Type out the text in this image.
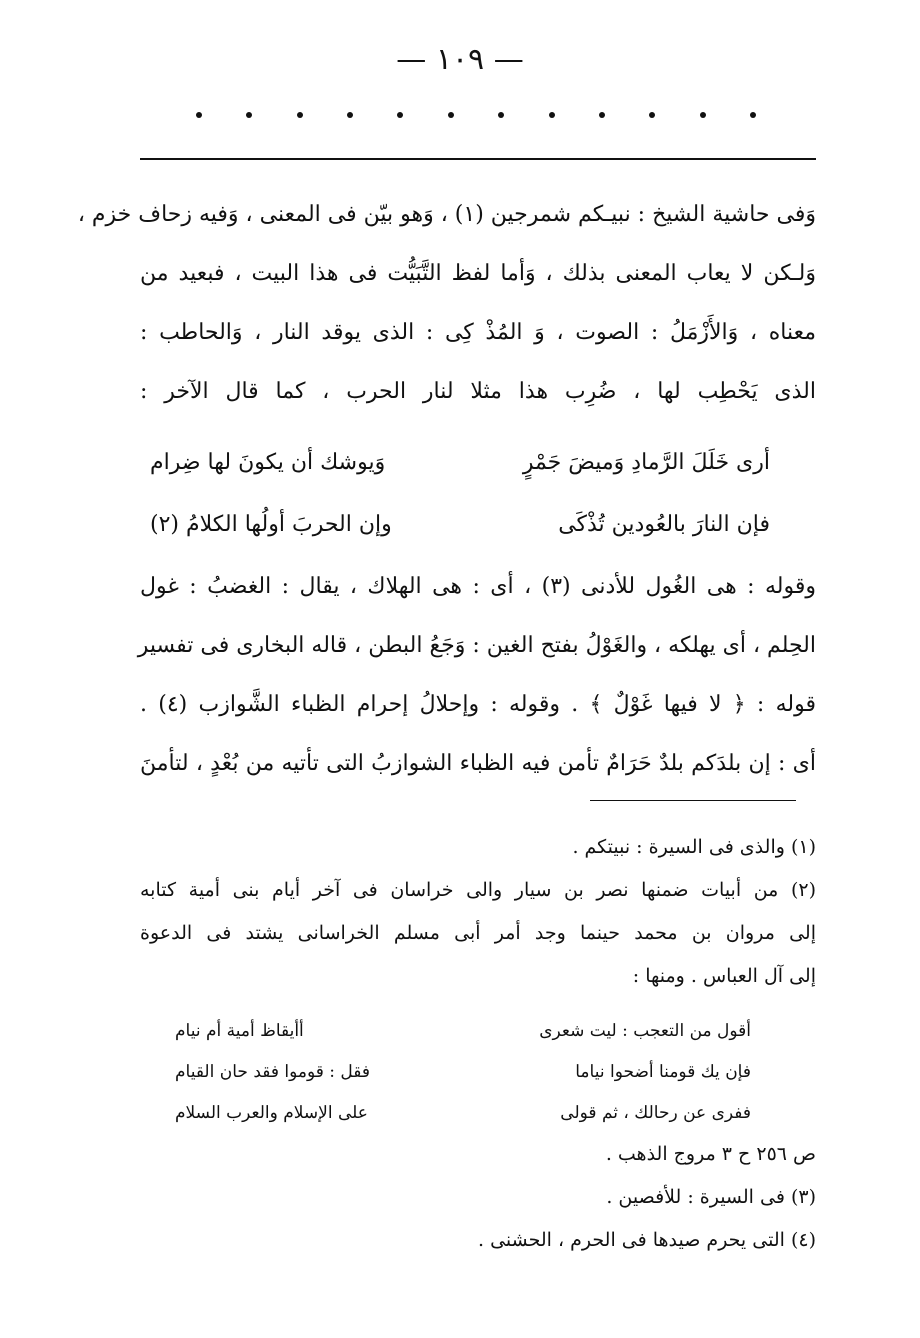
— ١٠٩ —
وَفى حاشية الشيخ : نبيـكم شمرجين (١) ، وَهو بيّن فى المعنى ، وَفيه زحاف خزم ،
وَلـكن لا يعاب المعنى بذلك ، وَأما لفظ التَّبَيُّت فى هذا البيت ، فبعيد من
معناه ، وَالأَزْمَلُ : الصوت ، وَ المُذْ كِى : الذى يوقد النار ، وَالحاطب :
الذى يَحْطِب لها ، ضُرِب هذا مثلا لنار الحرب ، كما قال الآخر :
أرى خَلَلَ الرَّمادِ وَميضَ جَمْرٍ
وَيوشك أن يكونَ لها ضِرام
فإن النارَ بالعُودين تُذْكَى
وإن الحربَ أولُها الكلامُ (٢)
وقوله : هى الغُول للأدنى (٣) ، أى : هى الهلاك ، يقال : الغضبُ : غول
الحِلم ، أى يهلكه ، والغَوْلُ بفتح الغين : وَجَعُ البطن ، قاله البخارى فى تفسير
قوله : ﴿ لا فيها غَوْلٌ ﴾ . وقوله : وإحلالُ إحرام الظباء الشَّوازب (٤) .
أى : إن بلدَكم بلدٌ حَرَامٌ تأمن فيه الظباء الشوازبُ التى تأتيه من بُعْدٍ ، لتأمنَ
(١) والذى فى السيرة : نبيتكم .
(٢) من أبيات ضمنها نصر بن سيار والى خراسان فى آخر أيام بنى أمية كتابه
إلى مروان بن محمد حينما وجد أمر أبى مسلم الخراسانى يشتد فى الدعوة
إلى آل العباس . ومنها :
أقول من التعجب : ليت شعرى
أأيقاظ أمية أم نيام
فإن يك قومنا أضحوا نياما
فقل : قوموا فقد حان القيام
ففرى عن رحالك ، ثم قولى
على الإسلام والعرب السلام
ص ٢٥٦ ح ٣ مروج الذهب .
(٣) فى السيرة : للأفصين .
(٤) التى يحرم صيدها فى الحرم ، الحشنى .
